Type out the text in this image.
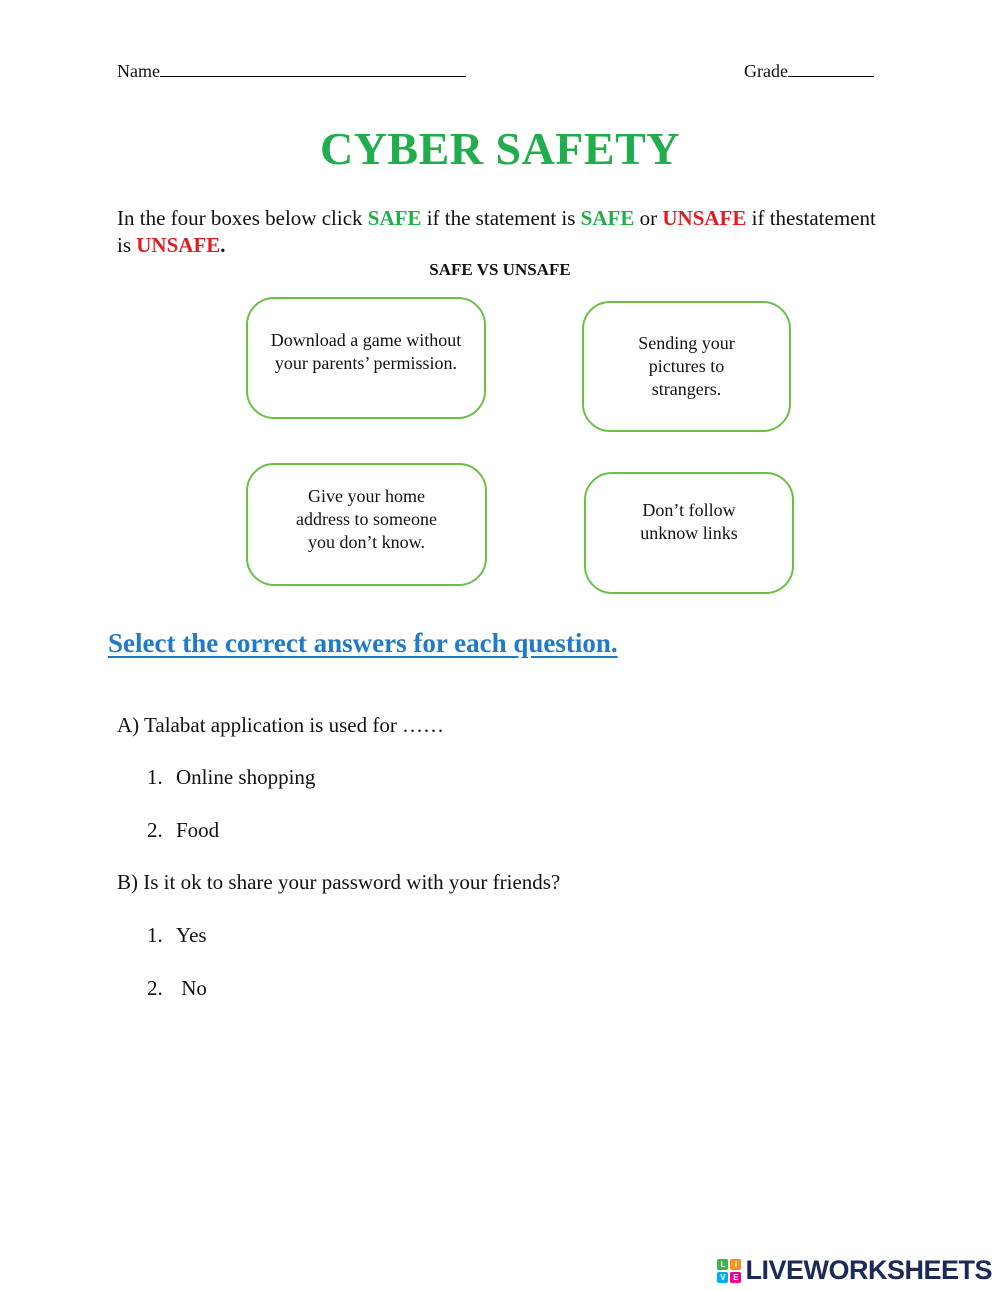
Name	Grade
CYBER SAFETY
In the four boxes below click SAFE if the statement is SAFE or UNSAFE if thestatement is UNSAFE.
SAFE VS UNSAFE
Download a game without your parents’ permission.
Sending your pictures to strangers.
Give your home address to someone you don’t know.
Don’t follow unknow links
Select the correct answers for each question.
A) Talabat application is used for ……
1. Online shopping
2. Food
B) Is it ok to share your password with your friends?
1. Yes
2. No
L	I
V E LIVEWORKSHEETS
